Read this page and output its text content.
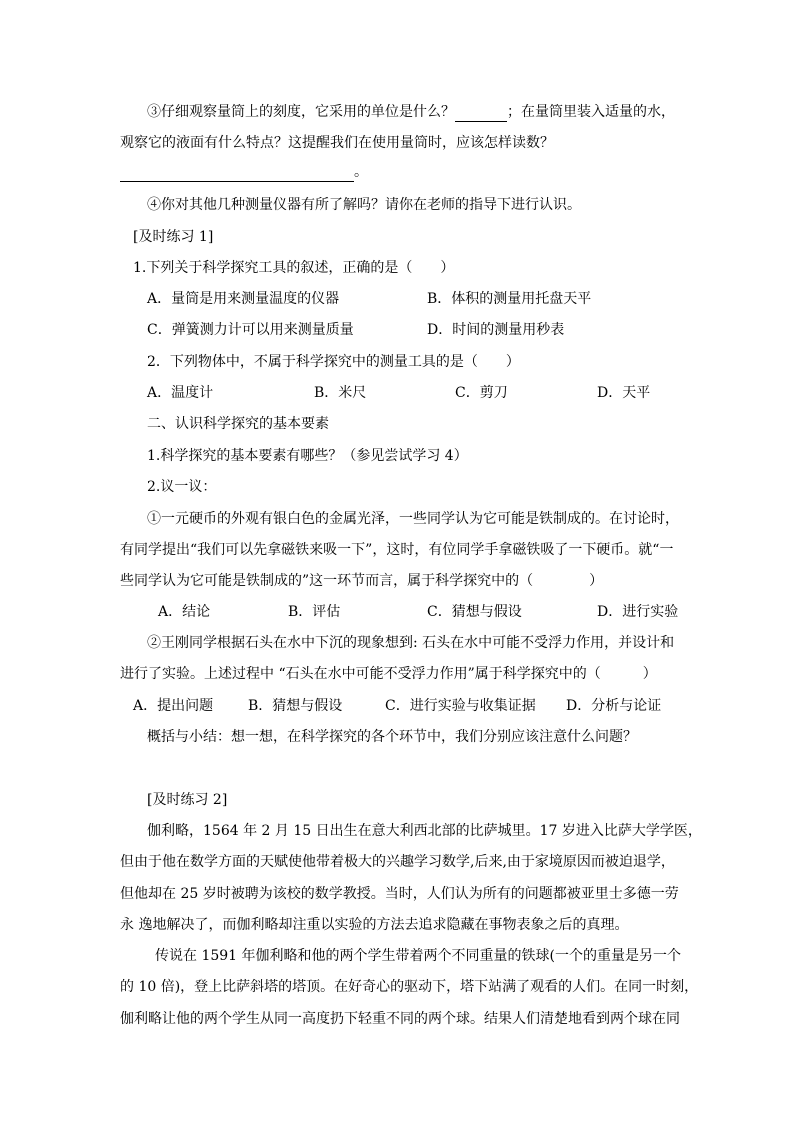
③仔细观察量筒上的刻度，它采用的单位是什么？	；在量筒里装入适量的水，
观察它的液面有什么特点？这提醒我们在使用量筒时，应该怎样读数？
。
④你对其他几种测量仪器有所了解吗？请你在老师的指导下进行认识。
[及时练习 1]
1.下列关于科学探究工具的叙述，正确的是（　　）
A．量筒是用来测量温度的仪器	B．体积的测量用托盘天平
C．弹簧测力计可以用来测量质量	D．时间的测量用秒表
2．下列物体中，不属于科学探究中的测量工具的是（　　）
A．温度计	B．米尺	C．剪刀	D．天平
二、认识科学探究的基本要素
1.科学探究的基本要素有哪些？（参见尝试学习 4）
2.议一议：
①一元硬币的外观有银白色的金属光泽，一些同学认为它可能是铁制成的。在讨论时，
有同学提出“我们可以先拿磁铁来吸一下”，这时，有位同学手拿磁铁吸了一下硬币。就“一
些同学认为它可能是铁制成的”这一环节而言，属于科学探究中的（　　　　）
A．结论	B．评估	C．猜想与假设	D．进行实验
②王刚同学根据石头在水中下沉的现象想到: 石头在水中可能不受浮力作用，并设计和
进行了实验。上述过程中 “石头在水中可能不受浮力作用”属于科学探究中的（　　　）
A．提出问题 B．猜想与假设	C．进行实验与收集证据 D．分析与论证
概括与小结：想一想，在科学探究的各个环节中，我们分别应该注意什么问题？
[及时练习 2]
伽利略，1564 年 2 月 15 日出生在意大利西北部的比萨城里。17 岁进入比萨大学学医，
但由于他在数学方面的天赋使他带着极大的兴趣学习数学,后来,由于家境原因而被迫退学，
但他却在 25 岁时被聘为该校的数学教授。当时，人们认为所有的问题都被亚里士多德一劳
永 逸地解决了，而伽利略却注重以实验的方法去追求隐藏在事物表象之后的真理。
传说在 1591 年伽利略和他的两个学生带着两个不同重量的铁球(一个的重量是另一个
的 10 倍)，登上比萨斜塔的塔顶。在好奇心的驱动下，塔下站满了观看的人们。在同一时刻，
伽利略让他的两个学生从同一高度扔下轻重不同的两个球。结果人们清楚地看到两个球在同
